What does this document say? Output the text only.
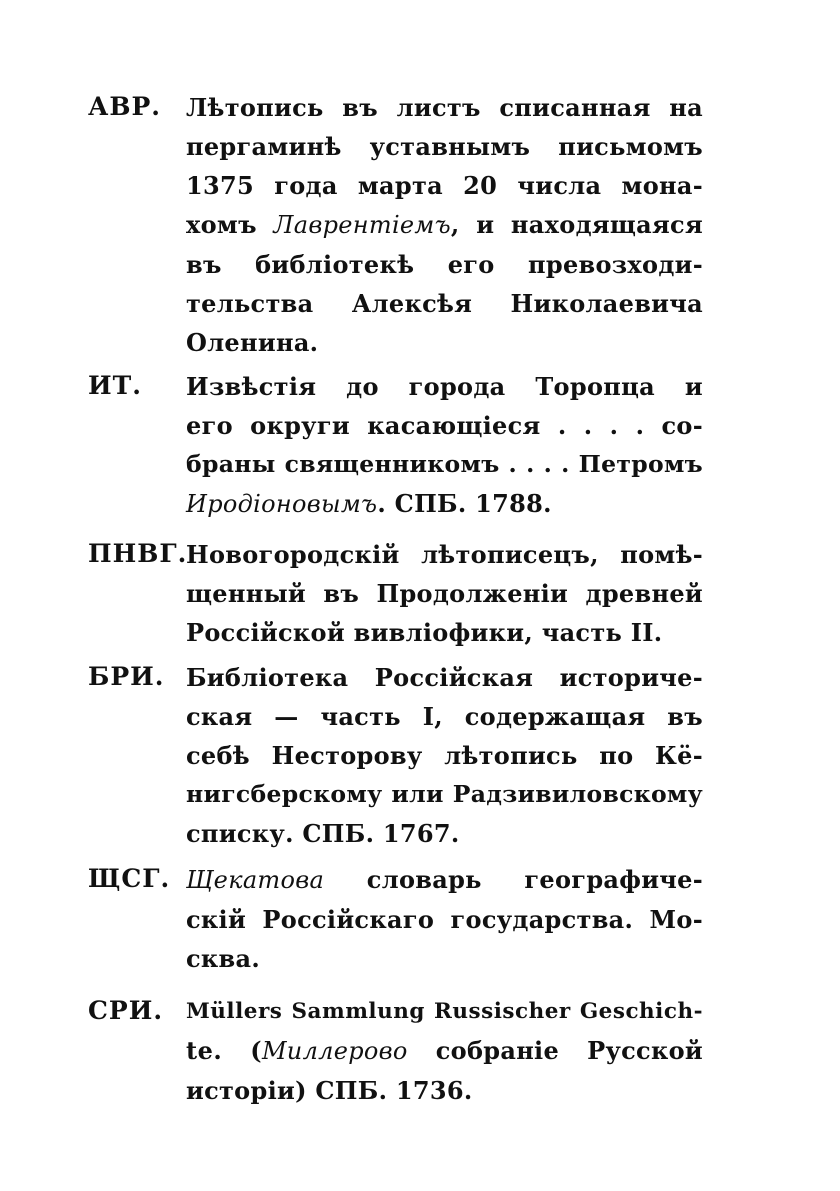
АВР. Лѣтопись въ листъ списанная на
пергаминѣ уставнымъ письмомъ
1375 года марта 20 числа мона-
хомъ Лаврентіемъ, и находящаяся
въ библіотекѣ его превозходи-
тельства Алексѣя Николаевича
Оленина.
ИТ. Извѣстія до города Торопца и
его округи касающіеся . . . . со-
браны священникомъ . . . . Петромъ
Иродіоновымъ. СПБ. 1788.
ПНВГ.
Новогородскій лѣтописецъ, помѣ-
щенный въ Продолженіи древней
Россійской вивліофики, часть II.
БРИ. Библіотека Россійская историче-
ская — часть I, содержащая въ
себѣ Несторову лѣтопись по Кё-
нигсберскому или Радзивиловскому
списку. СПБ. 1767.
ЩСГ. Щекатова словарь географиче-
скій Россійскаго государства. Мо-
сква.
СРИ. Müllers Sammlung Russischer Geschich-
te. (Миллерово собраніе Русской
исторіи) СПБ. 1736.
